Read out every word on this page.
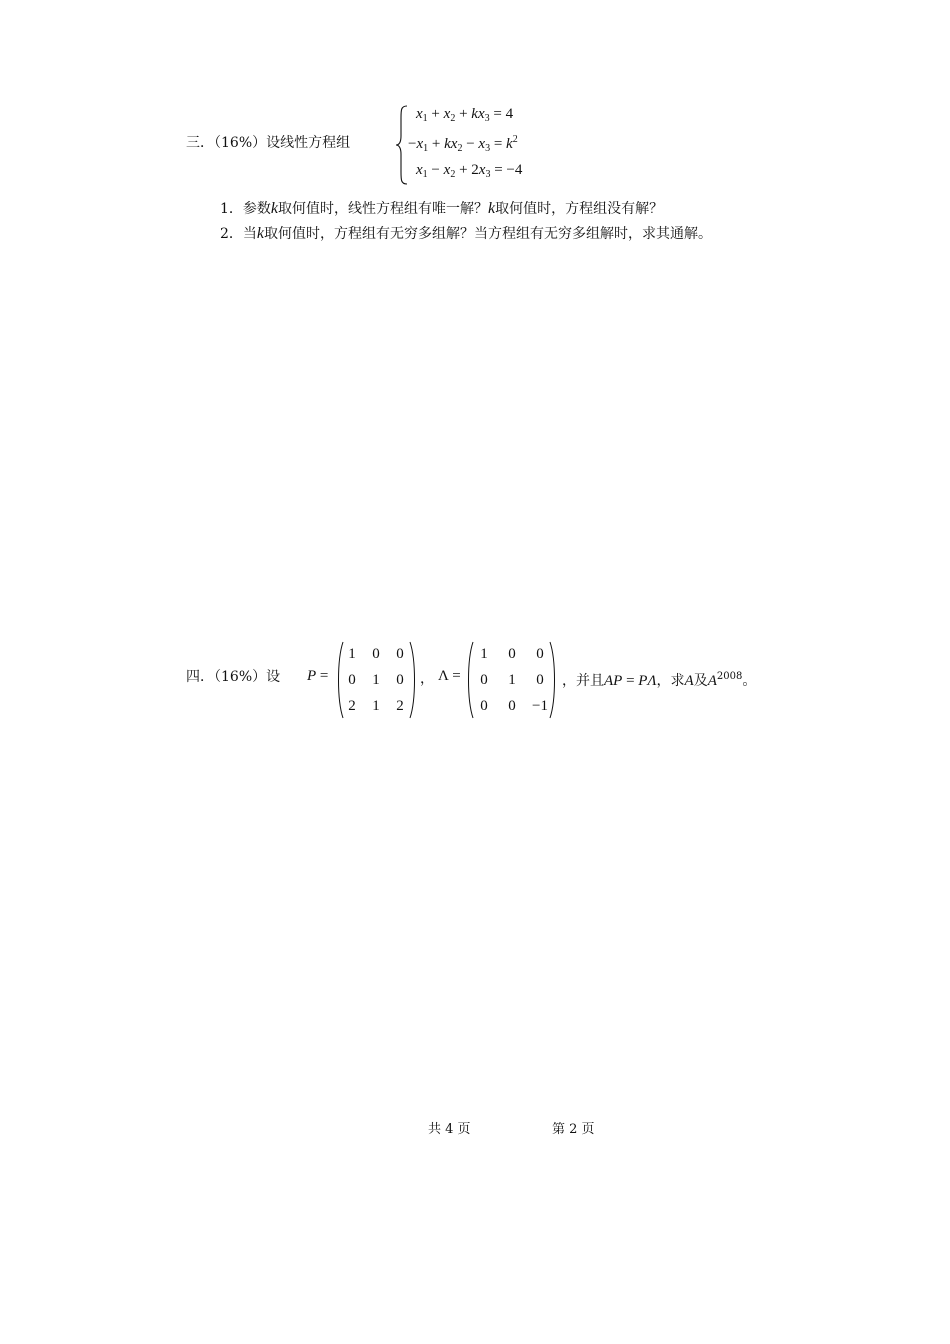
三．（16%）设线性方程组
$x_1 + x_2 + kx_3 = 4$
$-x_1 + kx_2 - x_3 = k^2$
$x_1 - x_2 + 2x_3 = -4$
1．参数k取何值时，线性方程组有唯一解？k取何值时，方程组没有解？
2．当k取何值时，方程组有无穷多组解？当方程组有无穷多组解时，求其通解。
四．（16%）设 P =
1	0	0
0	1	0
2	1	2
， Λ =
1	0	0
0	1	0
0	0	−1
，并且AP = PΛ，求A及$A^{2008}$。
共 4 页	第 2 页
